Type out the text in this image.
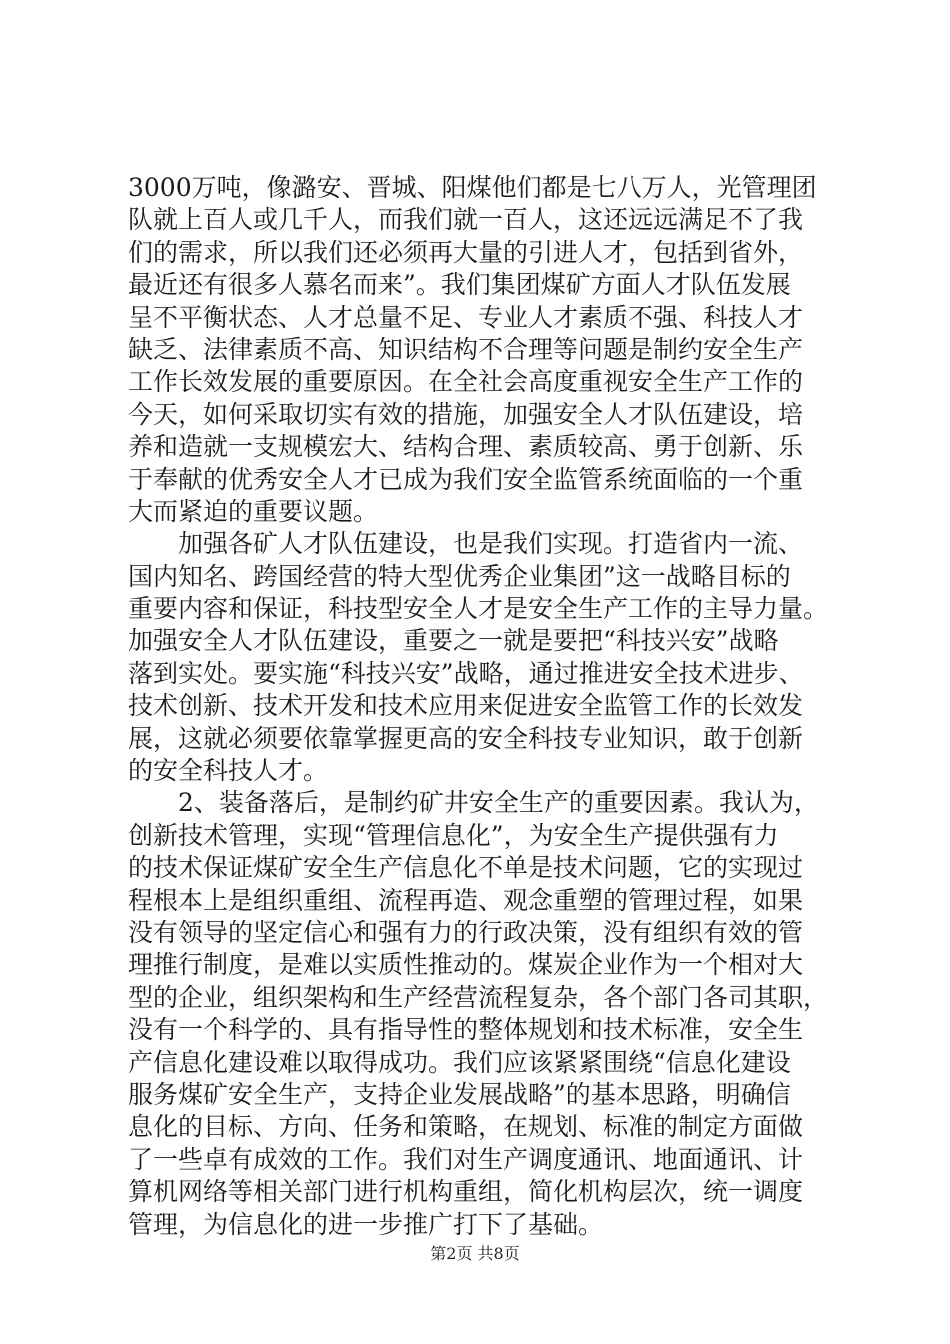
3000万吨，像潞安、晋城、阳煤他们都是七八万人，光管理团
队就上百人或几千人，而我们就一百人，这还远远满足不了我
们的需求，所以我们还必须再大量的引进人才，包括到省外，
最近还有很多人慕名而来”。我们集团煤矿方面人才队伍发展
呈不平衡状态、人才总量不足、专业人才素质不强、科技人才
缺乏、法律素质不高、知识结构不合理等问题是制约安全生产
工作长效发展的重要原因。在全社会高度重视安全生产工作的
今天，如何采取切实有效的措施，加强安全人才队伍建设，培
养和造就一支规模宏大、结构合理、素质较高、勇于创新、乐
于奉献的优秀安全人才已成为我们安全监管系统面临的一个重
大而紧迫的重要议题。
加强各矿人才队伍建设，也是我们实现。打造省内一流、
国内知名、跨国经营的特大型优秀企业集团”这一战略目标的
重要内容和保证，科技型安全人才是安全生产工作的主导力量。
加强安全人才队伍建设，重要之一就是要把“科技兴安”战略
落到实处。要实施“科技兴安”战略，通过推进安全技术进步、
技术创新、技术开发和技术应用来促进安全监管工作的长效发
展，这就必须要依靠掌握更高的安全科技专业知识，敢于创新
的安全科技人才。
2、装备落后，是制约矿井安全生产的重要因素。我认为，
创新技术管理，实现“管理信息化”，为安全生产提供强有力
的技术保证煤矿安全生产信息化不单是技术问题，它的实现过
程根本上是组织重组、流程再造、观念重塑的管理过程，如果
没有领导的坚定信心和强有力的行政决策，没有组织有效的管
理推行制度，是难以实质性推动的。煤炭企业作为一个相对大
型的企业，组织架构和生产经营流程复杂，各个部门各司其职，
没有一个科学的、具有指导性的整体规划和技术标准，安全生
产信息化建设难以取得成功。我们应该紧紧围绕“信息化建设
服务煤矿安全生产，支持企业发展战略”的基本思路，明确信
息化的目标、方向、任务和策略，在规划、标准的制定方面做
了一些卓有成效的工作。我们对生产调度通讯、地面通讯、计
算机网络等相关部门进行机构重组，简化机构层次，统一调度
管理，为信息化的进一步推广打下了基础。
第2页 共8页
